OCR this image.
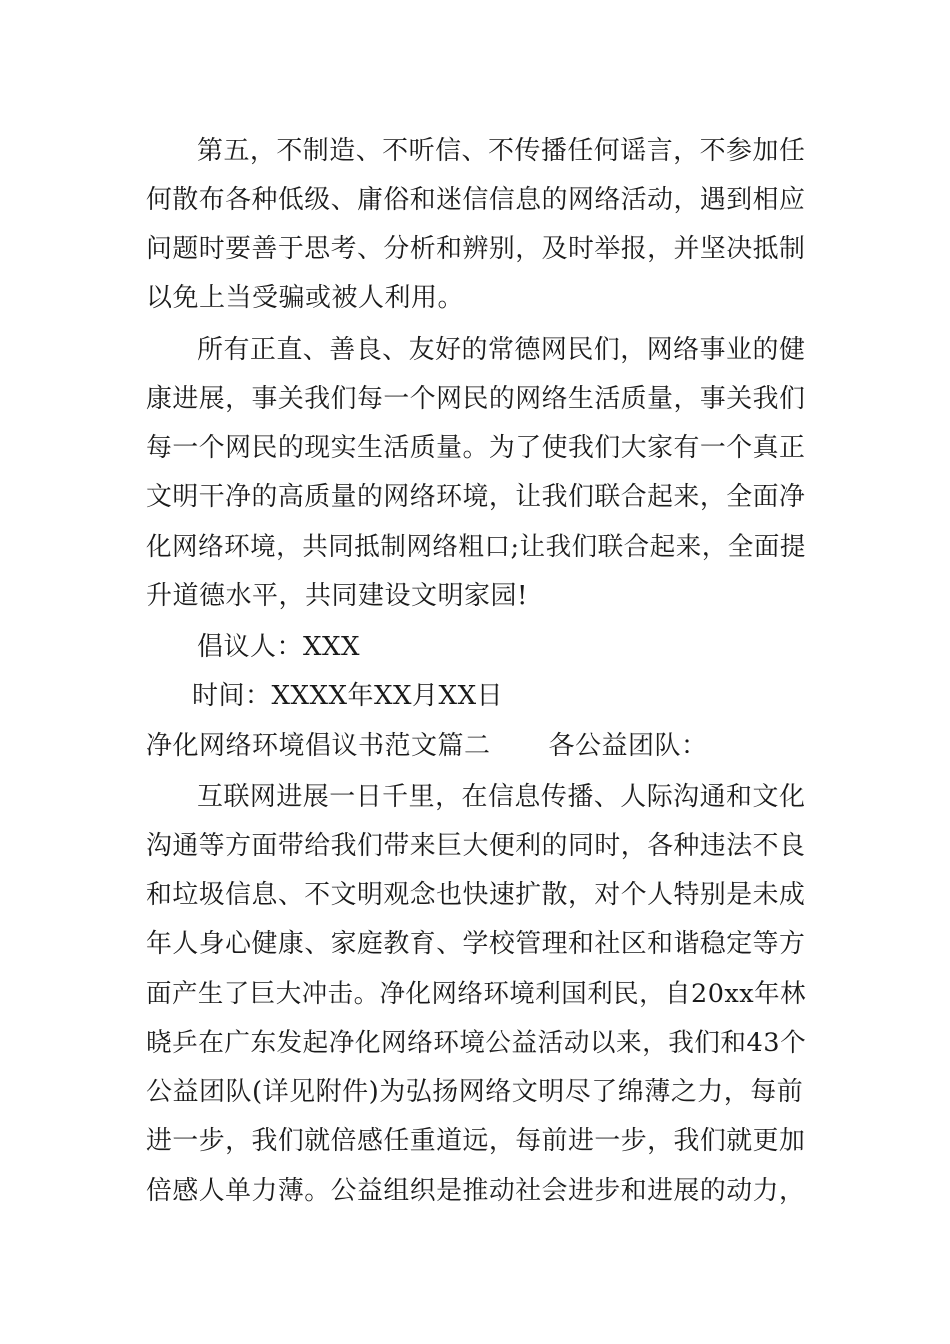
第五，不制造、不听信、不传播任何谣言，不参加任
何散布各种低级、庸俗和迷信信息的网络活动，遇到相应
问题时要善于思考、分析和辨别，及时举报，并坚决抵制
以免上当受骗或被人利用。
所有正直、善良、友好的常德网民们，网络事业的健
康进展，事关我们每一个网民的网络生活质量，事关我们
每一个网民的现实生活质量。为了使我们大家有一个真正
文明干净的高质量的网络环境，让我们联合起来，全面净
化网络环境，共同抵制网络粗口;让我们联合起来，全面提
升道德水平，共同建设文明家园!
倡议人：XXX
时间：XXXX年XX月XX日
净化网络环境倡议书范文篇二 各公益团队：
互联网进展一日千里，在信息传播、人际沟通和文化
沟通等方面带给我们带来巨大便利的同时，各种违法不良
和垃圾信息、不文明观念也快速扩散，对个人特别是未成
年人身心健康、家庭教育、学校管理和社区和谐稳定等方
面产生了巨大冲击。净化网络环境利国利民，自20xx年林
晓乒在广东发起净化网络环境公益活动以来，我们和43个
公益团队(详见附件)为弘扬网络文明尽了绵薄之力，每前
进一步，我们就倍感任重道远，每前进一步，我们就更加
倍感人单力薄。公益组织是推动社会进步和进展的动力，
